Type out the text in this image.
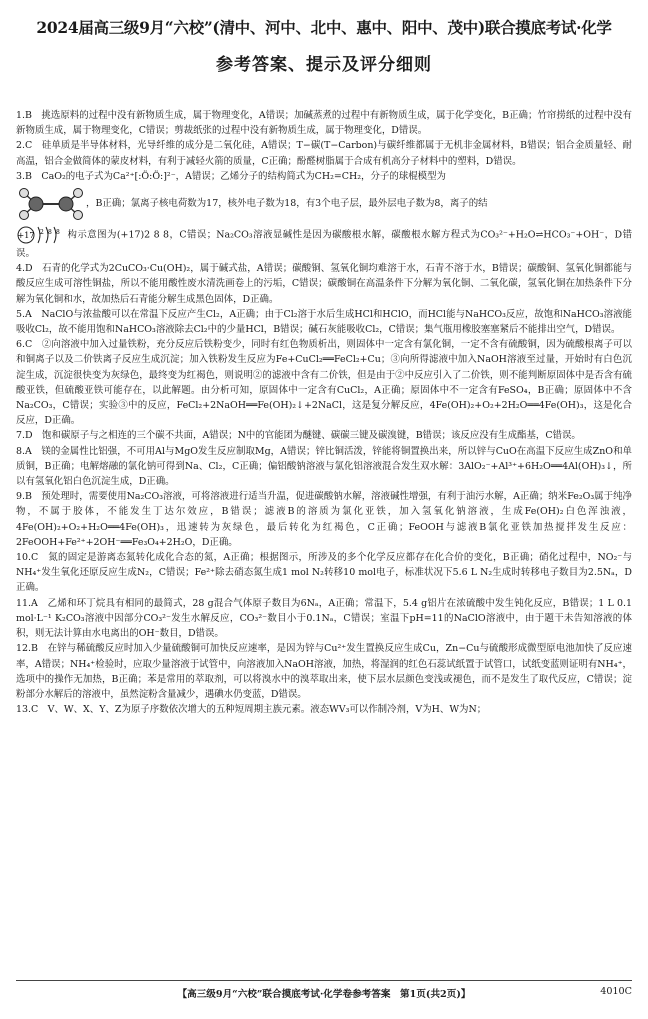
2024届高三级9月“六校”(清中、河中、北中、惠中、阳中、茂中)联合摸底考试·化学
参考答案、提示及评分细则

1.B　挑选原料的过程中没有新物质生成，属于物理变化，A错误；加碱蒸煮的过程中有新物质生成，属于化学变化，B正确；竹帘捞纸的过程中没有新物质生成，属于物理变化，C错误；剪裁纸张的过程中没有新物质生成，属于物理变化，D错误。

2.C　硅单质是半导体材料，光导纤维的成分是二氧化硅，A错误；T−碳(T−Carbon)与碳纤维都属于无机非金属材料，B错误；铝合金质量轻、耐高温，铝合金做简体的蒙皮材料，有利于减轻火箭的质量，C正确；酚醛树脂属于合成有机高分子材料中的塑料，D错误。

3.B　CaO₂的电子式为Ca²⁺[:Ö:Ö:]²⁻，A错误；乙烯分子的结构简式为CH₂=CH₂，分子的球棍模型为

，B正确；氯离子核电荷数为17，核外电子数为18，有3个电子层，最外层电子数为8，离子的结

+17 2 8 8 构示意图为(+17)2 8 8，C错误；Na₂CO₃溶液显碱性是因为碳酸根水解，碳酸根水解方程式为CO₃²⁻+H₂O⇌HCO₃⁻+OH⁻，D错误。

4.D　石青的化学式为2CuCO₃·Cu(OH)₂，属于碱式盐，A错误；碳酸铜、氢氧化铜均难溶于水，石青不溶于水，B错误；碳酸铜、氢氧化铜都能与酸反应生成可溶性铜盐，所以不能用酸性废水清洗画卷上的污垢，C错误；碳酸铜在高温条件下分解为氧化铜、二氧化碳，氢氧化铜在加热条件下分解为氧化铜和水，故加热后石青能分解生成黑色固体，D正确。

5.A　NaClO与浓盐酸可以在常温下反应产生Cl₂，A正确；由于Cl₂溶于水后生成HCl和HClO，而HCl能与NaHCO₃反应，故饱和NaHCO₃溶液能吸收Cl₂，故不能用饱和NaHCO₃溶液除去Cl₂中的少量HCl，B错误；碱石灰能吸收Cl₂，C错误；集气瓶用橡胶塞塞紧后不能排出空气，D错误。

6.C　②向溶液中加入过量铁粉，充分反应后铁粉变少，同时有红色物质析出，则固体中一定含有氯化铜，一定不含有硫酸铜，因为硫酸根离子可以和铜离子以及二价铁离子反应生成沉淀；加入铁粉发生反应为Fe+CuCl₂══FeCl₂+Cu；③向所得滤液中加入NaOH溶液至过量，开始时有白色沉淀生成，沉淀很快变为灰绿色，最终变为红褐色，则说明②的滤液中含有二价铁，但是由于②中反应引入了二价铁，则不能判断原固体中是否含有硫酸亚铁，但硫酸亚铁可能存在，以此解题。由分析可知，原固体中一定含有CuCl₂，A正确；原固体中不一定含有FeSO₄，B正确；原固体中不含Na₂CO₃，C错误；实验③中的反应，FeCl₂+2NaOH══Fe(OH)₂↓+2NaCl，这是复分解反应，4Fe(OH)₂+O₂+2H₂O══4Fe(OH)₃，这是化合反应，D正确。

7.D　饱和碳原子与之相连的三个碳不共面，A错误；N中的官能团为醚键、碳碳三键及碳溴键，B错误；该反应没有生成酯基，C错误。

8.A　镁的金属性比铝强，不可用Al与MgO发生反应制取Mg，A错误；锌比铜活泼，锌能将铜置换出来，所以锌与CuO在高温下反应生成ZnO和单质铜，B正确；电解熔融的氯化钠可得到Na、Cl₂，C正确；偏铝酸钠溶液与氯化铝溶液混合发生双水解：3AlO₂⁻+Al³⁺+6H₂O══4Al(OH)₃↓，所以有氢氧化铝白色沉淀生成，D正确。

9.B　预处理时，需要使用Na₂CO₃溶液，可将溶液进行适当升温，促进碳酸钠水解，溶液碱性增强，有利于油污水解，A正确；纳米Fe₂O₃属于纯净物，不属于胶体，不能发生丁达尔效应，B错误；滤液B的溶质为氯化亚铁，加入氢氧化钠溶液，生成Fe(OH)₂白色浑浊液，4Fe(OH)₂+O₂+H₂O══4Fe(OH)₃，迅速转为灰绿色，最后转化为红褐色，C正确；FeOOH与滤液B氯化亚铁加热搅拌发生反应：2FeOOH+Fe²⁺+2OH⁻══Fe₃O₄+2H₂O，D正确。

10.C　氮的固定是游离态氮转化成化合态的氮，A正确；根据图示，所涉及的多个化学反应都存在化合价的变化，B正确；硝化过程中，NO₂⁻与NH₄⁺发生氧化还原反应生成N₂，C错误；Fe²⁺除去硝态氮生成1 mol N₂转移10 mol电子，标准状况下5.6 L N₂生成时转移电子数目为2.5Nₐ，D正确。

11.A　乙烯和环丁烷具有相同的最简式，28 g混合气体原子数目为6Nₐ，A正确；常温下，5.4 g铝片在浓硫酸中发生钝化反应，B错误；1 L 0.1 mol·L⁻¹ K₂CO₃溶液中因部分CO₃²⁻发生水解反应，CO₃²⁻数目小于0.1Nₐ，C错误；室温下pH=11的NaClO溶液中，由于题干未告知溶液的体积，则无法计算由水电离出的OH⁻数目，D错误。

12.B　在锌与稀硫酸反应时加入少量硫酸铜可加快反应速率，是因为锌与Cu²⁺发生置换反应生成Cu，Zn−Cu与硫酸形成微型原电池加快了反应速率，A错误；NH₄⁺检验时，应取少量溶液于试管中，向溶液加入NaOH溶液，加热，将湿润的红色石蕊试纸置于试管口，试纸变蓝则证明有NH₄⁺，选项中的操作无加热，B正确；苯是常用的萃取剂，可以将溴水中的溴萃取出来，使下层水层颜色变浅或褪色，而不是发生了取代反应，C错误；淀粉部分水解后的溶液中，虽然淀粉含量减少，遇碘水仍变蓝，D错误。

13.C　V、W、X、Y、Z为原子序数依次增大的五种短周期主族元素。液态WV₃可以作制冷剂，V为H、W为N；

【高三级9月“六校”联合摸底考试·化学卷参考答案　第1页(共2页)】	4010C
